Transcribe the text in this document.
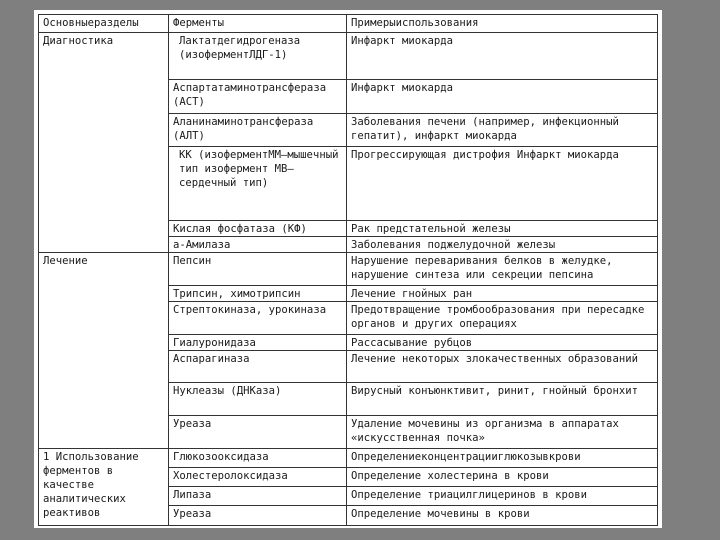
Основныеразделы	Ферменты	Примерыиспользования
Диагностика	Лактатдегидрогеназа (изоферментЛДГ-1)	Инфаркт миокарда
	Аспартатаминотрансфераза (АСТ)	Инфаркт миокарда
	Аланинаминотрансфераза (АЛТ)	Заболевания печени (например, инфекционный гепатит), инфаркт миокарда
	КК (изоферментММ—мышечный тип изофермент МВ—сердечный тип)	Прогрессирующая дистрофия Инфаркт миокарда
	Кислая фосфатаза (КФ)	Рак предстательной железы
	а-Амилаза	Заболевания поджелудочной железы
Лечение	Пепсин	Нарушение переваривания белков в желудке, нарушение синтеза или секреции пепсина
	Трипсин, химотрипсин	Лечение гнойных ран
	Стрептокиназа, урокиназа	Предотвращение тромбообразования при пересадке органов и других операциях
	Гиалуронидаза	Рассасывание рубцов
	Аспарагиназа	Лечение некоторых злокачественных образований
	Нуклеазы (ДНКаза)	Вирусный конъюнктивит, ринит, гнойный бронхит
	Уреаза	Удаление мочевины из организма в аппаратах «искусственная почка»
1 Использование ферментов в качестве аналитических реактивов	Глюкозооксидаза	Определениеконцентрацииглюкозывкрови
	Холестеролоксидаза	Определение холестерина в крови
	Липаза	Определение триацилглицеринов в крови
	Уреаза	Определение мочевины в крови
